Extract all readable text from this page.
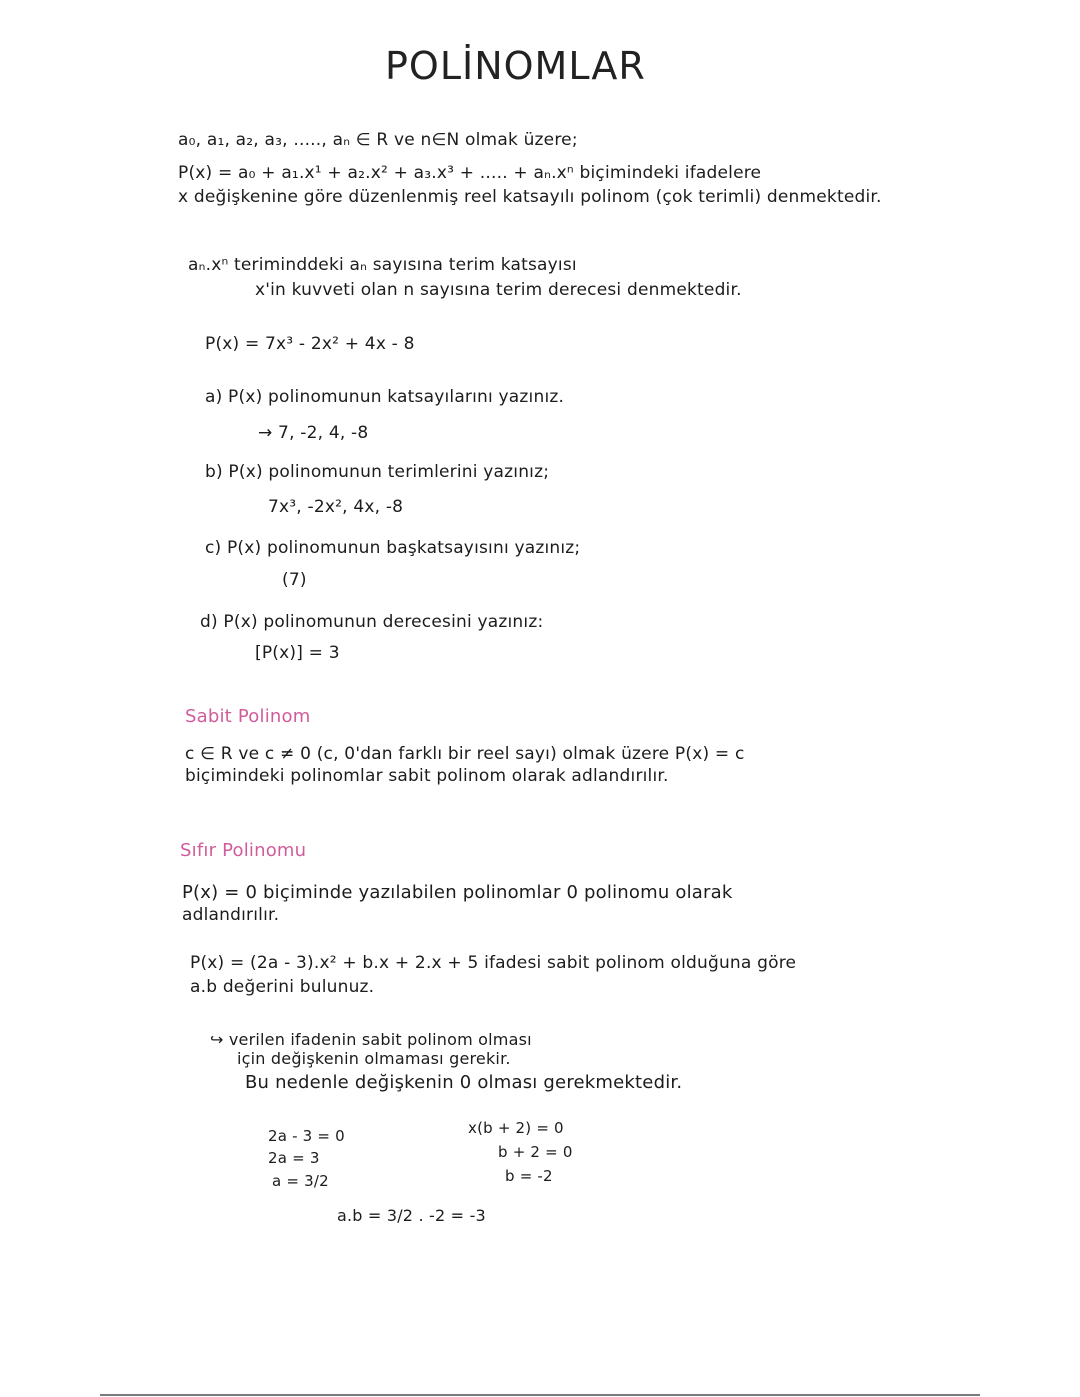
POLİNOMLAR
a₀, a₁, a₂, a₃, ....., aₙ ∈ R ve n∈N olmak üzere;
P(x) = a₀ + a₁.x¹ + a₂.x² + a₃.x³ + ..... + aₙ.xⁿ biçimindeki ifadelere
x değişkenine göre düzenlenmiş reel katsayılı polinom (çok terimli) denmektedir.
aₙ.xⁿ teriminddeki aₙ sayısına terim katsayısı
x'in kuvveti olan n sayısına terim derecesi denmektedir.
P(x) = 7x³ - 2x² + 4x - 8
a) P(x) polinomunun katsayılarını yazınız.
→ 7, -2, 4, -8
b) P(x) polinomunun terimlerini yazınız;
7x³, -2x², 4x, -8
c) P(x) polinomunun başkatsayısını yazınız;
(7)
d) P(x) polinomunun derecesini yazınız:
[P(x)] = 3
Sabit Polinom
c ∈ R ve c ≠ 0 (c, 0'dan farklı bir reel sayı) olmak üzere P(x) = c
biçimindeki polinomlar sabit polinom olarak adlandırılır.
Sıfır Polinomu
P(x) = 0 biçiminde yazılabilen polinomlar 0 polinomu olarak
adlandırılır.
P(x) = (2a - 3).x² + b.x + 2.x + 5 ifadesi sabit polinom olduğuna göre
a.b değerini bulunuz.
↪ verilen ifadenin sabit polinom olması
için değişkenin olmaması gerekir.
Bu nedenle değişkenin 0 olması gerekmektedir.
2a - 3 = 0
2a = 3
a = 3/2
x(b + 2) = 0
b + 2 = 0
b = -2
a.b = 3/2 . -2 = -3
